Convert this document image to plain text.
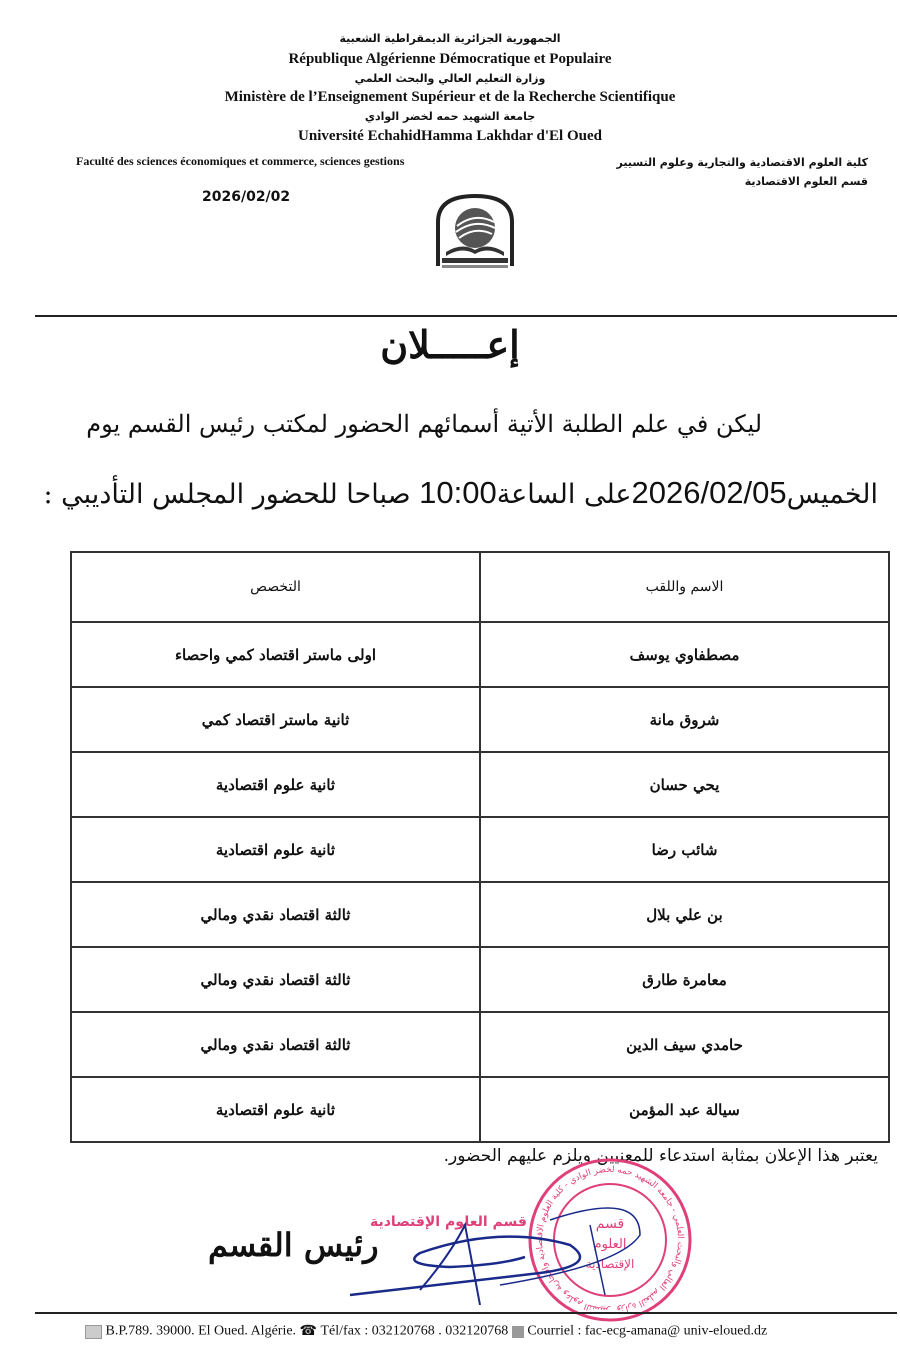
الجمهورية الجزائرية الديمقراطية الشعبية
République Algérienne Démocratique et Populaire
وزارة التعليم العالي والبحث العلمي
Ministère de l’Enseignement Supérieur et de la Recherche Scientifique
جامعة الشهيد حمه لخضر الوادي
Université EchahidHamma Lakhdar d'El Oued
Faculté des sciences économiques et commerce, sciences gestions
2026/02/02
كلية العلوم الاقتصادية والتجارية وعلوم التسيير
قسم العلوم الاقتصادية
إعـــــلان
ليكن في علم الطلبة الأتية أسمائهم الحضور لمكتب رئيس القسم يوم
الخميس2026/02/05على الساعة10:00 صباحا للحضور المجلس التأديبي :
الاسم واللقب	التخصص
مصطفاوي يوسف	اولى ماستر اقتصاد كمي واحصاء
شروق مانة	ثانية ماستر اقتصاد كمي
يحي حسان	ثانية علوم اقتصادية
شائب رضا	ثانية علوم اقتصادية
بن علي بلال	ثالثة اقتصاد نقدي ومالي
معامرة طارق	ثالثة اقتصاد نقدي ومالي
حامدي سيف الدين	ثالثة اقتصاد نقدي ومالي
سيالة عبد المؤمن	ثانية علوم اقتصادية
يعتبر هذا الإعلان بمثابة استدعاء للمعنيين ويلزم عليهم الحضور.
رئيس القسم
قسم العلوم الإقتصادية
وزارة التعليم العالي والبحث العلمي - جامعة الشهيد حمه لخضر الوادي - كلية العلوم الاقتصادية والتجارية وعلوم التسيير
قسم
العلوم
الإقتصادية
B.P.789. 39000. El Oued. Algérie. ☎ Tél/fax : 032120768 . 032120768 Courriel : fac-ecg-amana@ univ-eloued.dz
